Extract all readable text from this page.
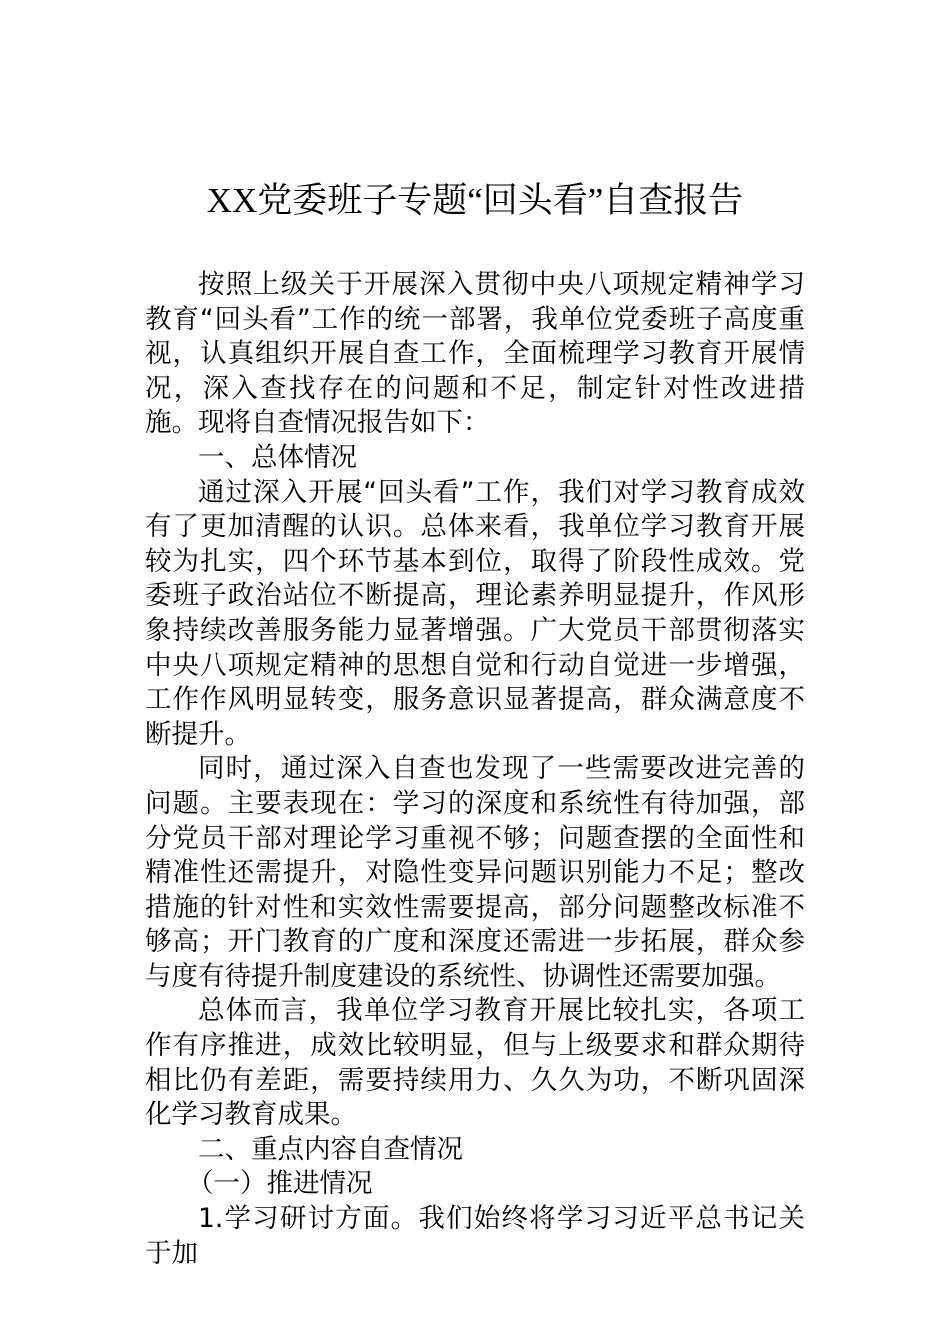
XX党委班子专题“回头看”自查报告

按照上级关于开展深入贯彻中央八项规定精神学习教育“回头看”工作的统一部署，我单位党委班子高度重视，认真组织开展自查工作，全面梳理学习教育开展情况，深入查找存在的问题和不足，制定针对性改进措施。现将自查情况报告如下：

一、总体情况

通过深入开展“回头看”工作，我们对学习教育成效有了更加清醒的认识。总体来看，我单位学习教育开展较为扎实，四个环节基本到位，取得了阶段性成效。党委班子政治站位不断提高，理论素养明显提升，作风形象持续改善服务能力显著增强。广大党员干部贯彻落实中央八项规定精神的思想自觉和行动自觉进一步增强，工作作风明显转变，服务意识显著提高，群众满意度不断提升。

同时，通过深入自查也发现了一些需要改进完善的问题。主要表现在：学习的深度和系统性有待加强，部分党员干部对理论学习重视不够；问题查摆的全面性和精准性还需提升，对隐性变异问题识别能力不足；整改措施的针对性和实效性需要提高，部分问题整改标准不够高；开门教育的广度和深度还需进一步拓展，群众参与度有待提升制度建设的系统性、协调性还需要加强。

总体而言，我单位学习教育开展比较扎实，各项工作有序推进，成效比较明显，但与上级要求和群众期待相比仍有差距，需要持续用力、久久为功，不断巩固深化学习教育成果。

二、重点内容自查情况

（一）推进情况

1.学习研讨方面。我们始终将学习习近平总书记关于加
